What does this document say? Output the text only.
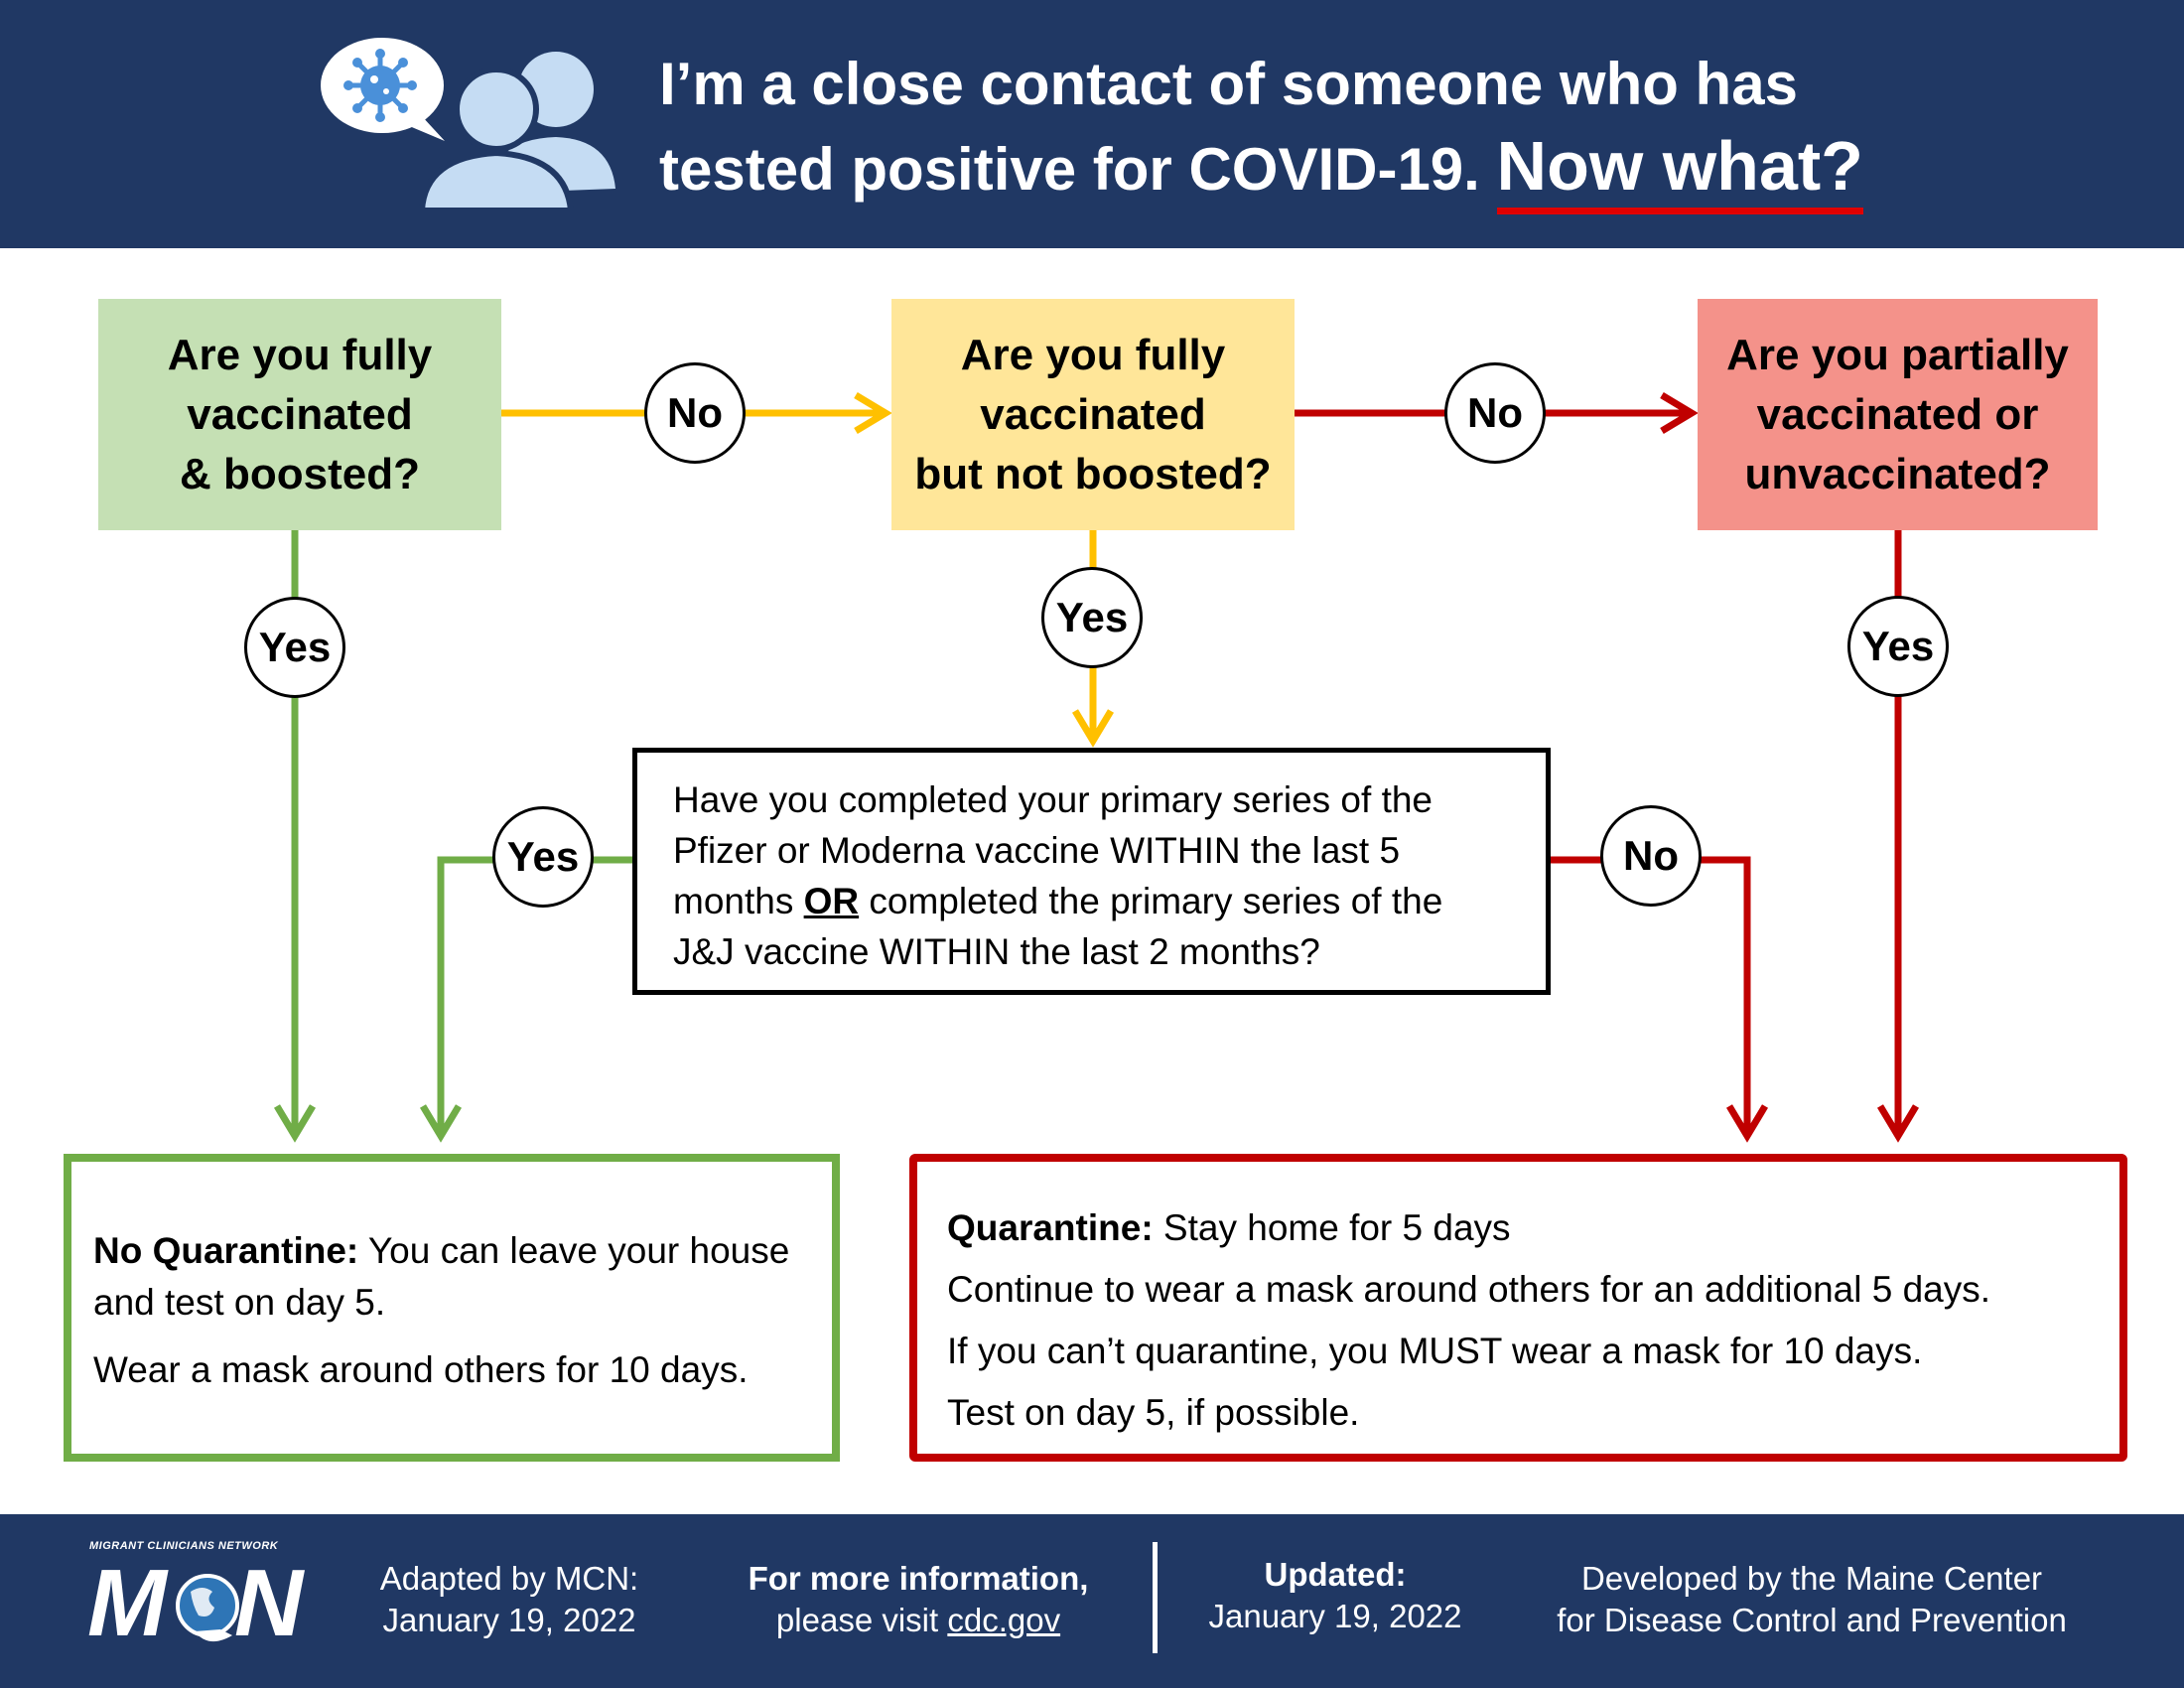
I’m a close contact of someone who has
tested positive for COVID-19. Now what?
Are you fully
vaccinated
& boosted?
Are you fully
vaccinated
but not boosted?
Are you partially
vaccinated or
unvaccinated?
Have you completed your primary series of the Pfizer or Moderna vaccine WITHIN the last 5 months OR completed the primary series of the J&J vaccine WITHIN the last 2 months?
No	No
Yes
Yes
Yes
Yes	No

No Quarantine: You can leave your house and test on day 5.

Wear a mask around others for 10 days.

Quarantine: Stay home for 5 days

Continue to wear a mask around others for an additional 5 days.

If you can’t quarantine, you MUST wear a mask for 10 days.

Test on day 5, if possible.

MIGRANT CLINICIANS NETWORK
M N	Adapted by MCN:
January 19, 2022
For more information,
please visit cdc.gov
Updated:
January 19, 2022
Developed by the Maine Center
for Disease Control and Prevention
